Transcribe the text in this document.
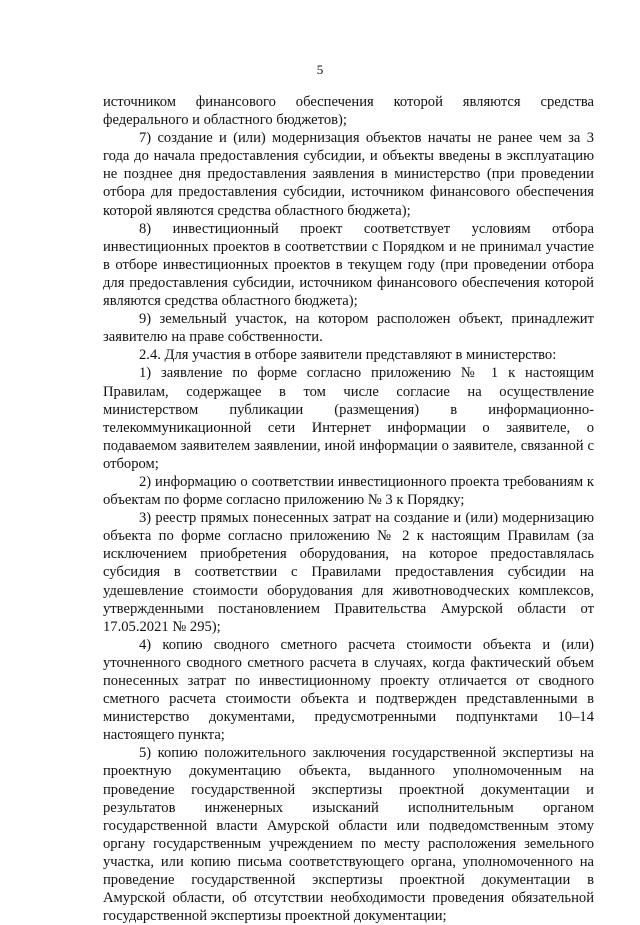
5

источником финансового обеспечения которой являются средства федерального и областного бюджетов);

7) создание и (или) модернизация объектов начаты не ранее чем за 3 года до начала предоставления субсидии, и объекты введены в эксплуатацию не позднее дня предоставления заявления в министерство (при проведении отбора для предоставления субсидии, источником финансового обеспечения которой являются средства областного бюджета);

8) инвестиционный проект соответствует условиям отбора инвестиционных проектов в соответствии с Порядком и не принимал участие в отборе инвестиционных проектов в текущем году (при проведении отбора для предоставления субсидии, источником финансового обеспечения которой являются средства областного бюджета);

9) земельный участок, на котором расположен объект, принадлежит заявителю на праве собственности.

2.4. Для участия в отборе заявители представляют в министерство:

1) заявление по форме согласно приложению № 1 к настоящим Правилам, содержащее в том числе согласие на осуществление министерством публикации (размещения) в информационно-телекоммуникационной сети Интернет информации о заявителе, о подаваемом заявителем заявлении, иной информации о заявителе, связанной с отбором;

2) информацию о соответствии инвестиционного проекта требованиям к объектам по форме согласно приложению № 3 к Порядку;

3) реестр прямых понесенных затрат на создание и (или) модернизацию объекта по форме согласно приложению № 2 к настоящим Правилам (за исключением приобретения оборудования, на которое предоставлялась субсидия в соответствии с Правилами предоставления субсидии на удешевление стоимости оборудования для животноводческих комплексов, утвержденными постановлением Правительства Амурской области от 17.05.2021 № 295);

4) копию сводного сметного расчета стоимости объекта и (или) уточненного сводного сметного расчета в случаях, когда фактический объем понесенных затрат по инвестиционному проекту отличается от сводного сметного расчета стоимости объекта и подтвержден представленными в министерство документами, предусмотренными подпунктами 10–14 настоящего пункта;

5) копию положительного заключения государственной экспертизы на проектную документацию объекта, выданного уполномоченным на проведение государственной экспертизы проектной документации и результатов инженерных изысканий исполнительным органом государственной власти Амурской области или подведомственным этому органу государственным учреждением по месту расположения земельного участка, или копию письма соответствующего органа, уполномоченного на проведение государственной экспертизы проектной документации в Амурской области, об отсутствии необходимости проведения обязательной государственной экспертизы проектной документации;
